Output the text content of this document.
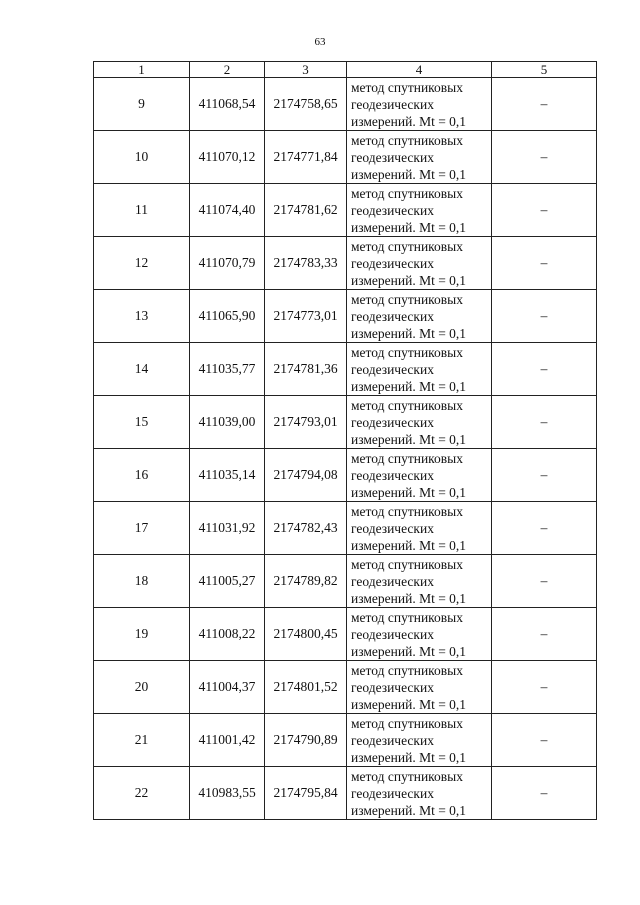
63
1	2	3	4	5
9	411068,54	2174758,65	метод спутниковых
геодезических
измерений. Mt = 0,1	–
10	411070,12	2174771,84	метод спутниковых
геодезических
измерений. Mt = 0,1	–
11	411074,40	2174781,62	метод спутниковых
геодезических
измерений. Mt = 0,1	–
12	411070,79	2174783,33	метод спутниковых
геодезических
измерений. Mt = 0,1	–
13	411065,90	2174773,01	метод спутниковых
геодезических
измерений. Mt = 0,1	–
14	411035,77	2174781,36	метод спутниковых
геодезических
измерений. Mt = 0,1	–
15	411039,00	2174793,01	метод спутниковых
геодезических
измерений. Mt = 0,1	–
16	411035,14	2174794,08	метод спутниковых
геодезических
измерений. Mt = 0,1	–
17	411031,92	2174782,43	метод спутниковых
геодезических
измерений. Mt = 0,1	–
18	411005,27	2174789,82	метод спутниковых
геодезических
измерений. Mt = 0,1	–
19	411008,22	2174800,45	метод спутниковых
геодезических
измерений. Mt = 0,1	–
20	411004,37	2174801,52	метод спутниковых
геодезических
измерений. Mt = 0,1	–
21	411001,42	2174790,89	метод спутниковых
геодезических
измерений. Mt = 0,1	–
22	410983,55	2174795,84	метод спутниковых
геодезических
измерений. Mt = 0,1	–
